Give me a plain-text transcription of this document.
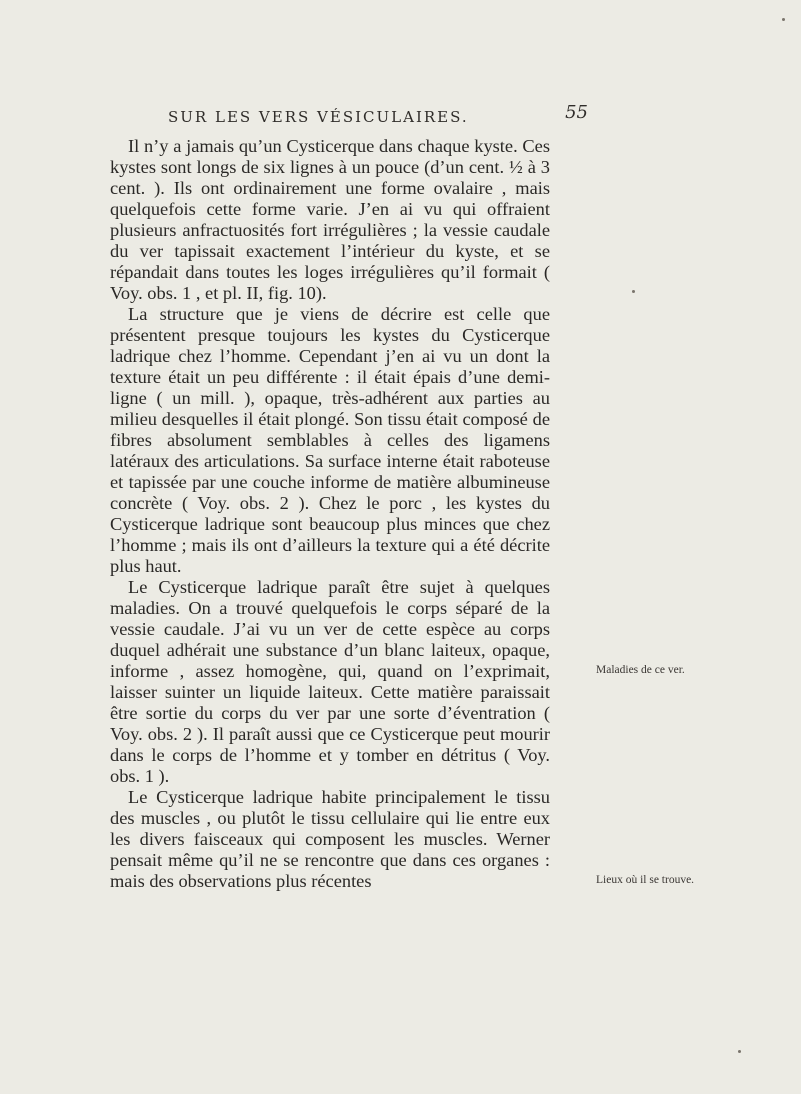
SUR LES VERS VÉSICULAIRES.	55

Il n’y a jamais qu’un Cysticerque dans chaque kyste. Ces kystes sont longs de six lignes à un pouce (d’un cent. ½ à 3 cent. ). Ils ont ordinairement une forme ovalaire , mais quelquefois cette forme varie. J’en ai vu qui offraient plusieurs anfractuosités fort irrégulières ; la vessie caudale du ver tapissait exactement l’intérieur du kyste, et se répandait dans toutes les loges irrégulières qu’il formait ( Voy. obs. 1 , et pl. II, fig. 10).

La structure que je viens de décrire est celle que présentent presque toujours les kystes du Cysticerque ladrique chez l’homme. Cependant j’en ai vu un dont la texture était un peu différente : il était épais d’une demi-ligne ( un mill. ), opaque, très-adhérent aux parties au milieu desquelles il était plongé. Son tissu était composé de fibres absolument semblables à celles des ligamens latéraux des articulations. Sa surface interne était raboteuse et tapissée par une couche informe de matière albumineuse concrète ( Voy. obs. 2 ). Chez le porc , les kystes du Cysticerque ladrique sont beaucoup plus minces que chez l’homme ; mais ils ont d’ailleurs la texture qui a été décrite plus haut.

Le Cysticerque ladrique paraît être sujet à quelques maladies. On a trouvé quelquefois le corps séparé de la vessie caudale. J’ai vu un ver de cette espèce au corps duquel adhérait une substance d’un blanc laiteux, opaque, informe , assez homogène, qui, quand on l’exprimait, laisser suinter un liquide laiteux. Cette matière paraissait être sortie du corps du ver par une sorte d’éventration ( Voy. obs. 2 ). Il paraît aussi que ce Cysticerque peut mourir dans le corps de l’homme et y tomber en détritus ( Voy. obs. 1 ).

Le Cysticerque ladrique habite principalement le tissu des muscles , ou plutôt le tissu cellulaire qui lie entre eux les divers faisceaux qui composent les muscles. Werner pensait même qu’il ne se rencontre que dans ces organes : mais des observations plus récentes

Maladies de ce ver.
Lieux où il se trouve.
